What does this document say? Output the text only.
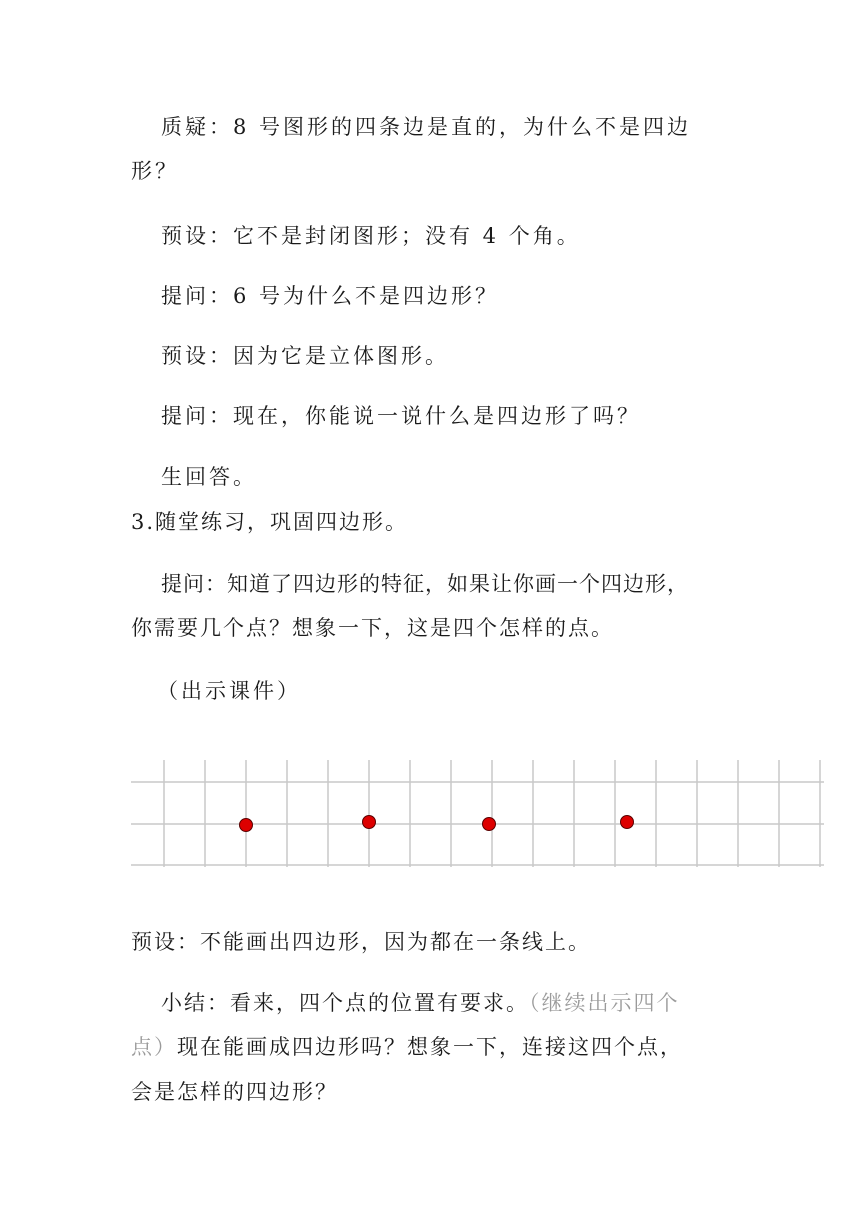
质疑：8 号图形的四条边是直的，为什么不是四边
形？
预设：它不是封闭图形；没有 4 个角。
提问：6 号为什么不是四边形？
预设：因为它是立体图形。
提问：现在，你能说一说什么是四边形了吗？
生回答。
3.随堂练习，巩固四边形。
提问：知道了四边形的特征，如果让你画一个四边形，
你需要几个点？想象一下，这是四个怎样的点。
（出示课件）
预设：不能画出四边形，因为都在一条线上。
小结：看来，四个点的位置有要求。（继续出示四个
点）现在能画成四边形吗？想象一下，连接这四个点，
会是怎样的四边形？
